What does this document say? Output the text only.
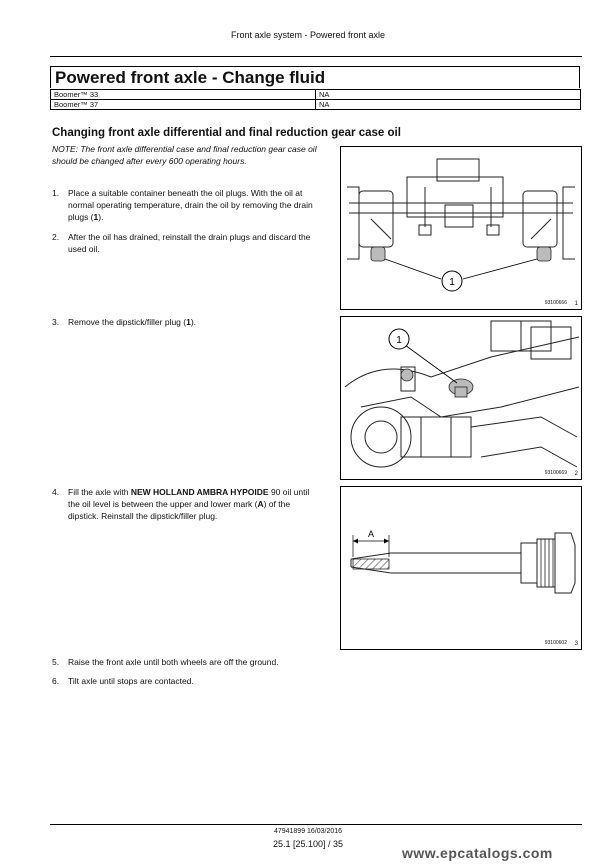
Front axle system - Powered front axle
Powered front axle - Change fluid
Boomer™ 33	NA
Boomer™ 37	NA
Changing front axle differential and final reduction gear case oil
NOTE: The front axle differential case and final reduction gear case oil should be changed after every 600 operating hours.
1.	Place a suitable container beneath the oil plugs. With the oil at normal operating temperature, drain the oil by removing the drain plugs (1).
2.	After the oil has drained, reinstall the drain plugs and discard the used oil.
3.	Remove the dipstick/filler plug (1).
4.	Fill the axle with NEW HOLLAND AMBRA HYPOIDE 90 oil until the oil level is between the upper and lower mark (A) of the dipstick. Reinstall the dipstick/filler plug.
5.	Raise the front axle until both wheels are off the ground.
6.	Tilt axle until stops are contacted.
1
93100666 1
1
93100669 2
A
93100602 3
47941899 16/03/2016
25.1 [25.100] / 35
www.epcatalogs.com
